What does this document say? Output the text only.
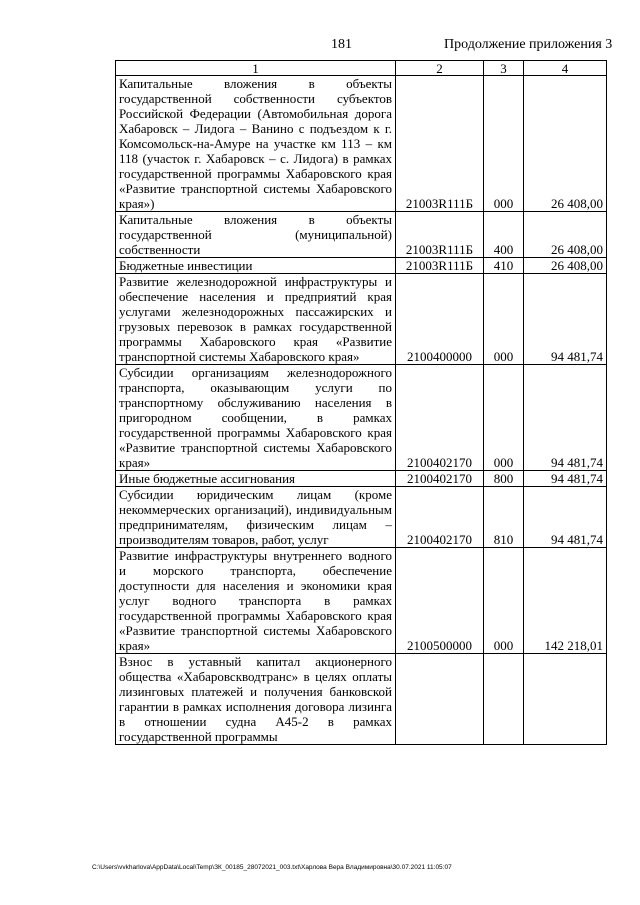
181	Продолжение приложения 3
1	2	3	4
Капитальные вложения в объекты государственной собственности субъектов Российской Федерации (Автомобильная дорога Хабаровск – Лидога – Ванино с подъездом к г. Комсомольск-на-Амуре на участке км 113 – км 118 (участок г. Хабаровск – с. Лидога) в рамках государственной программы Хабаровского края «Развитие транспортной системы Хабаровского края»)	21003R111Б	000	26 408,00
Капитальные вложения в объекты государственной (муниципальной) собственности	21003R111Б	400	26 408,00
Бюджетные инвестиции	21003R111Б	410	26 408,00
Развитие железнодорожной инфраструктуры и обеспечение населения и предприятий края услугами железнодорожных пассажирских и грузовых перевозок в рамках государственной программы Хабаровского края «Развитие транспортной системы Хабаровского края»	2100400000	000	94 481,74
Субсидии организациям железнодорожного транспорта, оказывающим услуги по транспортному обслуживанию населения в пригородном сообщении, в рамках государственной программы Хабаровского края «Развитие транспортной системы Хабаровского края»	2100402170	000	94 481,74
Иные бюджетные ассигнования	2100402170	800	94 481,74
Субсидии юридическим лицам (кроме некоммерческих организаций), индивидуальным предпринимателям, физическим лицам – производителям товаров, работ, услуг	2100402170	810	94 481,74
Развитие инфраструктуры внутреннего водного и морского транспорта, обеспечение доступности для населения и экономики края услуг водного транспорта в рамках государственной программы Хабаровского края «Развитие транспортной системы Хабаровского края»	2100500000	000	142 218,01
Взнос в уставный капитал акционерного общества «Хабаровскводтранс» в целях оплаты лизинговых платежей и получения банковской гарантии в рамках исполнения договора лизинга в отношении судна А45-2 в рамках государственной программы			
C:\Users\vvkharlova\AppData\Local\Temp\ЗК_00185_28072021_003.txt\Харлова Вера Владимировна\30.07.2021 11:05:07
